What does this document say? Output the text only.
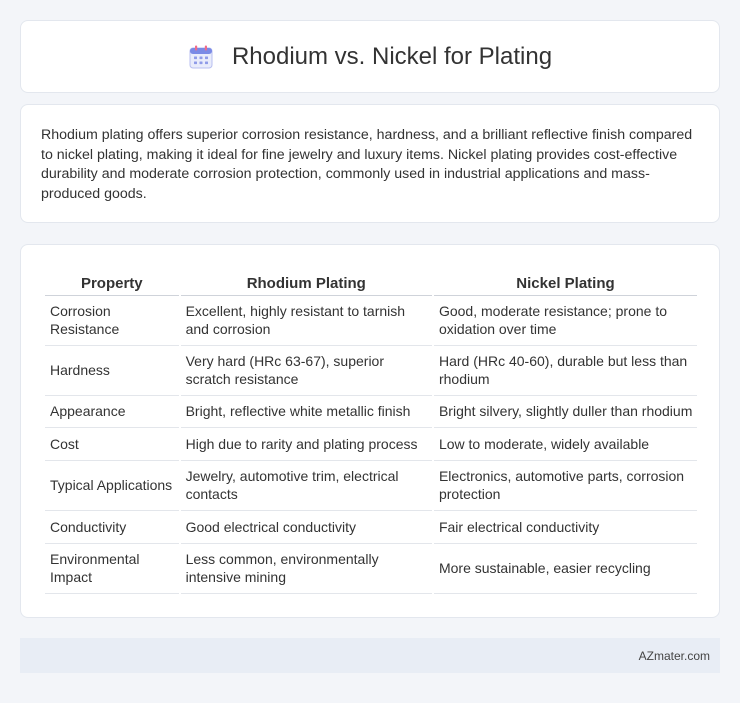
Rhodium vs. Nickel for Plating

Rhodium plating offers superior corrosion resistance, hardness, and a brilliant reflective finish compared to nickel plating, making it ideal for fine jewelry and luxury items. Nickel plating provides cost-effective durability and moderate corrosion protection, commonly used in industrial applications and mass-produced goods.

Property	Rhodium Plating	Nickel Plating
Corrosion Resistance	Excellent, highly resistant to tarnish and corrosion	Good, moderate resistance; prone to oxidation over time
Hardness	Very hard (HRc 63-67), superior scratch resistance	Hard (HRc 40-60), durable but less than rhodium
Appearance	Bright, reflective white metallic finish	Bright silvery, slightly duller than rhodium
Cost	High due to rarity and plating process	Low to moderate, widely available
Typical Applications	Jewelry, automotive trim, electrical contacts	Electronics, automotive parts, corrosion protection
Conductivity	Good electrical conductivity	Fair electrical conductivity
Environmental Impact	Less common, environmentally intensive mining	More sustainable, easier recycling
AZmater.com
